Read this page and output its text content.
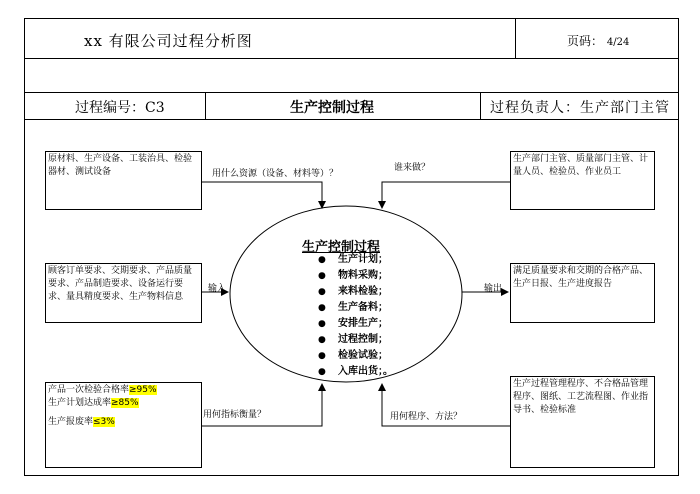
xx 有限公司过程分析图	页码： 4/24
过程编号：C3	生产控制过程	过程负责人：生产部门主管
原材料、生产设备、工装治具、检验器材、测试设备
顾客订单要求、交期要求、产品质量要求、产品制造要求、设备运行要求、量具精度要求、生产物料信息
产品一次检验合格率≥95%
生产计划达成率≥85%
生产报废率≤3%
生产部门主管、质量部门主管、计量人员、检验员、作业员工
满足质量要求和交期的合格产品、生产日报、生产进度报告
生产过程管理程序、不合格品管理程序、图纸、工艺流程图、作业指导书、检验标准
用什么资源（设备、材料等）？
谁来做？
输入	输出
用何指标衡量？	用何程序、方法？
生产控制过程
● 生产计划；
● 物料采购；
● 来料检验；
● 生产备料；
● 安排生产；
● 过程控制；
● 检验试验；
● 入库出货；。
